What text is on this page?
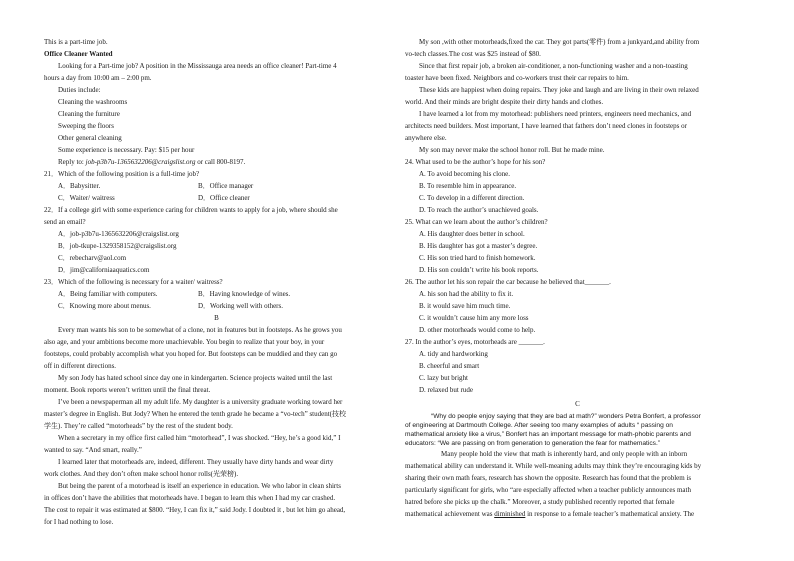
This is a part-time job.
Office Cleaner Wanted
Looking for a Part-time job? A position in the Mississauga area needs an office cleaner! Part-time 4
hours a day from 10:00 am – 2:00 pm.
Duties include:
Cleaning the washrooms
Cleaning the furniture
Sweeping the floors
Other general cleaning
Some experience is necessary. Pay: $15 per hour
Reply to: job-p3b7u-1365632206@craigslist.org or call 800-8197.
21．Which of the following position is a full-time job?
A．Babysitter.	B．Office manager
C．Waiter/ waitress	D．Office cleaner
22．If a college girl with some experience caring for children wants to apply for a job, where should she
send an email?
A．job-p3b7u-1365632206@craigslist.org
B．job-tkupe-1329358152@craigslist.org
C．rebecharv@aol.com
D．jim@californiaaquatics.com
23．Which of the following is necessary for a waiter/ waitress?
A．Being familiar with computers.	B．Having knowledge of wines.
C．Knowing more about menus.	D．Working well with others.
B
Every man wants his son to be somewhat of a clone, not in features but in footsteps. As he grows you
also age, and your ambitions become more unachievable. You begin to realize that your boy, in your
footsteps, could probably accomplish what you hoped for. But footsteps can be muddied and they can go
off in different directions.
My son Jody has hated school since day one in kindergarten. Science projects waited until the last
moment. Book reports weren’t written until the final threat.
I’ve been a newspaperman all my adult life. My daughter is a university graduate working toward her
master’s degree in English. But Jody? When he entered the tenth grade he became a “vo-tech” student(技校
学生). They’re called “motorheads” by the rest of the student body.
When a secretary in my office first called him “motorhead”, I was shocked. “Hey, he’s a good kid,” I
wanted to say. “And smart, really.”
I learned later that motorheads are, indeed, different. They usually have dirty hands and wear dirty
work clothes. And they don’t often make school honor rolls(光荣榜).
But being the parent of a motorhead is itself an experience in education. We who labor in clean shirts
in offices don’t have the abilities that motorheads have. I began to learn this when I had my car crashed.
The cost to repair it was estimated at $800. “Hey, I can fix it,” said Jody. I doubted it , but let him go ahead,
for I had nothing to lose.
My son ,with other motorheads,fixed the car. They got parts(零件) from a junkyard,and ability from
vo-tech classes.The cost was $25 instead of $80.
Since that first repair job, a broken air-conditioner, a non-functioning washer and a non-toasting
toaster have been fixed. Neighbors and co-workers trust their car repairs to him.
These kids are happiest when doing repairs. They joke and laugh and are living in their own relaxed
world. And their minds are bright despite their dirty hands and clothes.
I have learned a lot from my motorhead: publishers need printers, engineers need mechanics, and
architects need builders. Most important, I have learned that fathers don’t need clones in footsteps or
anywhere else.
My son may never make the school honor roll. But he made mine.
24. What used to be the author’s hope for his son?
A. To avoid becoming his clone.
B. To resemble him in appearance.
C. To develop in a different direction.
D. To reach the author’s unachieved goals.
25. What can we learn about the author’s children?
A. His daughter does better in school.
B. His daughter has got a master’s degree.
C. His son tried hard to finish homework.
D. His son couldn’t write his book reports.
26. The author let his son repair the car because he believed that_______.
A. his son had the ability to fix it.
B. it would save him much time.
C. it wouldn’t cause him any more loss
D. other motorheads would come to help.
27. In the author’s eyes, motorheads are _______.
A. tidy and hardworking
B. cheerful and smart
C. lazy but bright
D. relaxed but rude
C
“Why do people enjoy saying that they are bad at math?” wonders Petra Bonfert, a professor
of engineering at Dartmouth College. After seeing too many examples of adults “ passing on
mathematical anxiety like a virus,” Bonfert has an important message for math-phobic parents and
educators: “We are passing on from generation to generation the fear for mathematics.”
Many people hold the view that math is inherently hard, and only people with an inborn
mathematical ability can understand it. While well-meaning adults may think they’re encouraging kids by
sharing their own math fears, research has shown the opposite. Research has found that the problem is
particularly significant for girls, who “are especially affected when a teacher publicly announces math
hatred before she picks up the chalk.” Moreover, a study published recently reported that female
mathematical achievement was diminished in response to a female teacher’s mathematical anxiety. The
